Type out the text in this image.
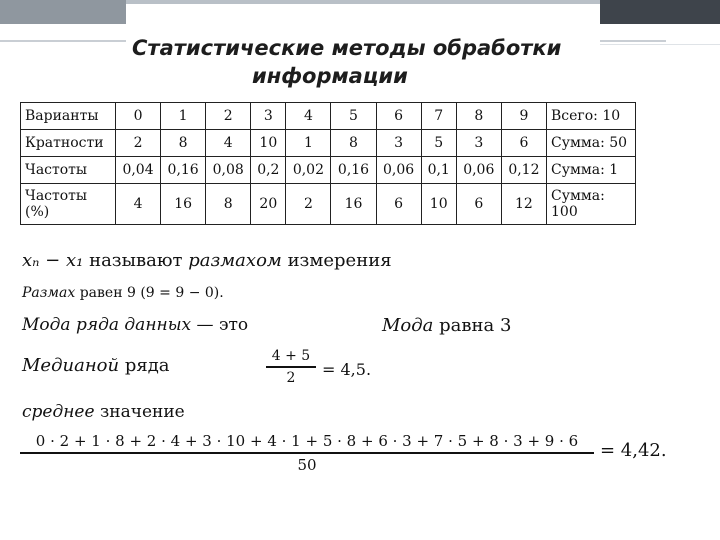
Статистические методы обработки
информации
Варианты	0	1	2	3	4	5	6	7	8	9	Всего: 10
Кратности	2	8	4	10	1	8	3	5	3	6	Сумма: 50
Частоты	0,04	0,16	0,08	0,2	0,02	0,16	0,06	0,1	0,06	0,12	Сумма: 1
Частоты (%)	4	16	8	20	2	16	6	10	6	12	Сумма: 100
xₙ − x₁ называют размахом измерения
Размах равен 9 (9 = 9 − 0).
Мода ряда данных — это	Мода равна 3
Медианой ряда	4 + 5
2	= 4,5.
среднее значение
0 · 2 + 1 · 8 + 2 · 4 + 3 · 10 + 4 · 1 + 5 · 8 + 6 · 3 + 7 · 5 + 8 · 3 + 9 · 6
50
= 4,42.
